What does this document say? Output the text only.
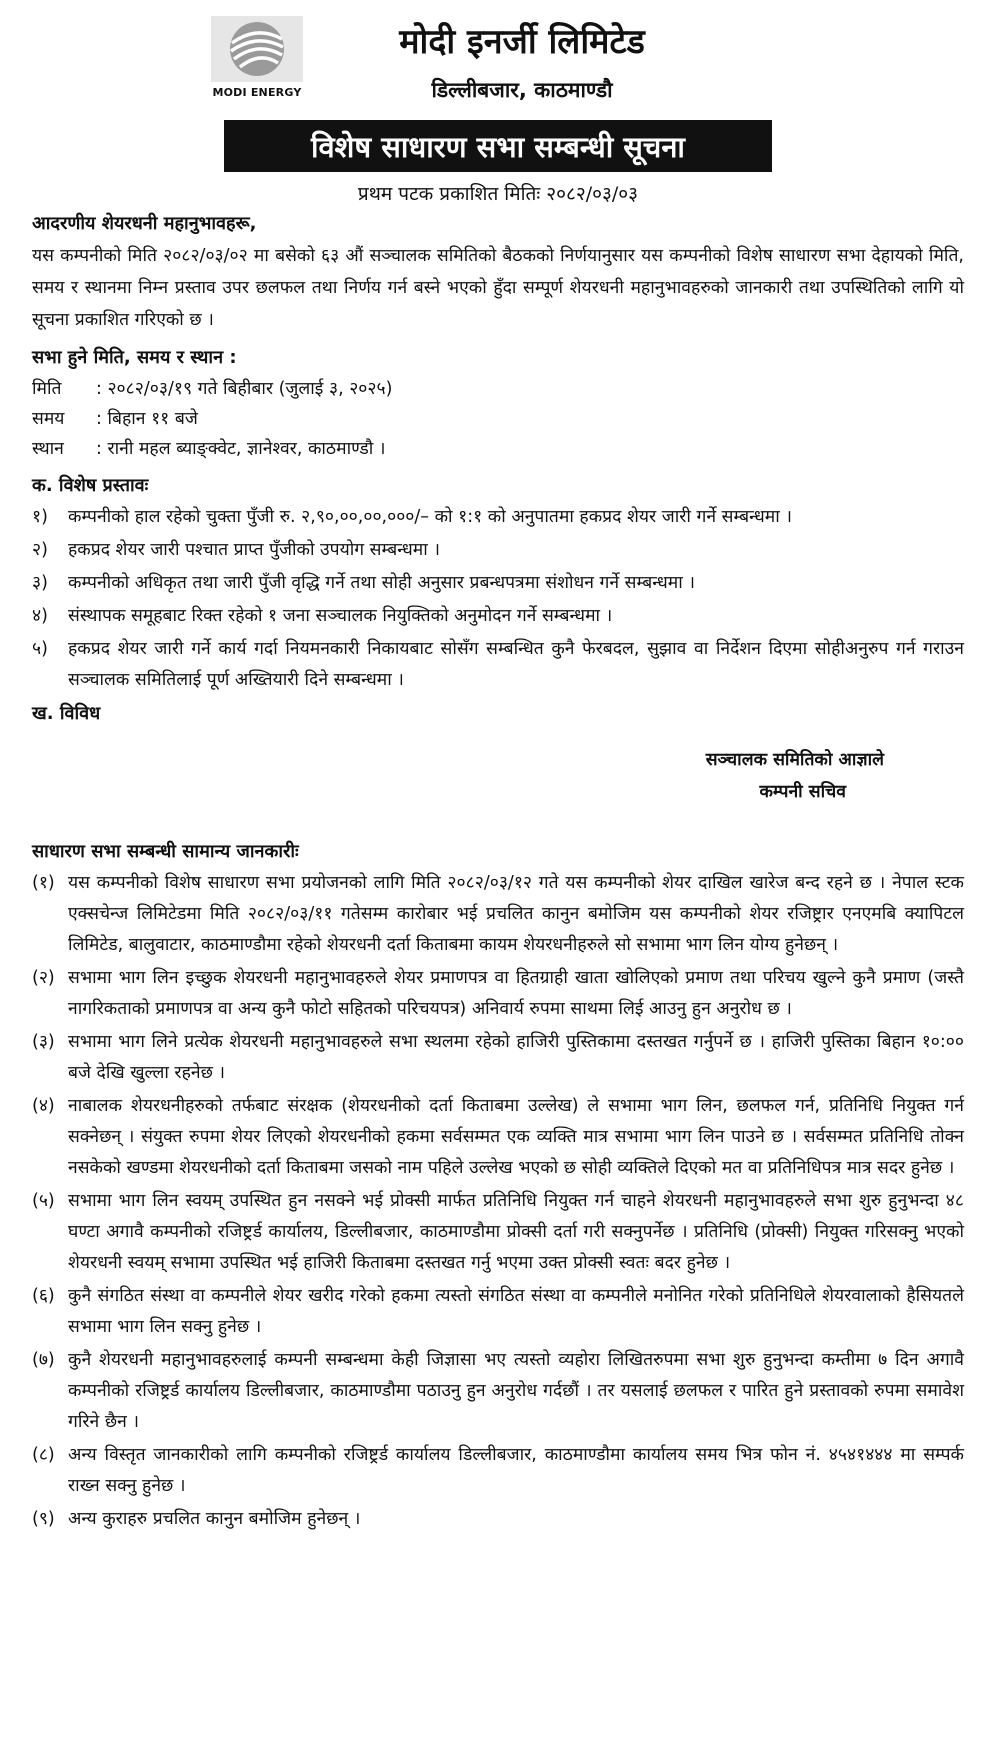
MODI ENERGY
मोदी इनर्जी लिमिटेड
डिल्लीबजार, काठमाण्डौ
विशेष साधारण सभा सम्बन्धी सूचना
प्रथम पटक प्रकाशित मितिः २०८२/०३/०३
आदरणीय शेयरधनी महानुभावहरू,
यस कम्पनीको मिति २०८२/०३/०२ मा बसेको ६३ औं सञ्चालक समितिको बैठकको निर्णयानुसार यस कम्पनीको विशेष साधारण सभा देहायको मिति, समय र स्थानमा निम्न प्रस्ताव उपर छलफल तथा निर्णय गर्न बस्ने भएको हुँदा सम्पूर्ण शेयरधनी महानुभावहरुको जानकारी तथा उपस्थितिको लागि यो सूचना प्रकाशित गरिएको छ ।
सभा हुने मिति, समय र स्थान :
मिति	: २०८२/०३/१९ गते बिहीबार (जुलाई ३, २०२५)
समय	: बिहान ११ बजे
स्थान	: रानी महल ब्याङ्क्वेट, ज्ञानेश्वर, काठमाण्डौ ।
क. विशेष प्रस्तावः
१)	कम्पनीको हाल रहेको चुक्ता पुँजी रु. २,९०,००,००,०००/– को १:१ को अनुपातमा हकप्रद शेयर जारी गर्ने सम्बन्धमा ।
२)	हकप्रद शेयर जारी पश्चात प्राप्त पुँजीको उपयोग सम्बन्धमा ।
३)	कम्पनीको अधिकृत तथा जारी पुँजी वृद्धि गर्ने तथा सोही अनुसार प्रबन्धपत्रमा संशोधन गर्ने सम्बन्धमा ।
४)	संस्थापक समूहबाट रिक्त रहेको १ जना सञ्चालक नियुक्तिको अनुमोदन गर्ने सम्बन्धमा ।
५)	हकप्रद शेयर जारी गर्ने कार्य गर्दा नियमनकारी निकायबाट सोसँग सम्बन्धित कुनै फेरबदल, सुझाव वा निर्देशन दिएमा सोहीअनुरुप गर्न गराउन सञ्चालक समितिलाई पूर्ण अख्तियारी दिने सम्बन्धमा ।
ख. विविध
सञ्चालक समितिको आज्ञाले
कम्पनी सचिव
साधारण सभा सम्बन्धी सामान्य जानकारीः
(१) यस कम्पनीको विशेष साधारण सभा प्रयोजनको लागि मिति २०८२/०३/१२ गते यस कम्पनीको शेयर दाखिल खारेज बन्द रहने छ । नेपाल स्टक एक्सचेन्ज लिमिटेडमा मिति २०८२/०३/११ गतेसम्म कारोबार भई प्रचलित कानुन बमोजिम यस कम्पनीको शेयर रजिष्ट्रार एनएमबि क्यापिटल लिमिटेड, बालुवाटार, काठमाण्डौमा रहेको शेयरधनी दर्ता किताबमा कायम शेयरधनीहरुले सो सभामा भाग लिन योग्य हुनेछन् ।
(२) सभामा भाग लिन इच्छुक शेयरधनी महानुभावहरुले शेयर प्रमाणपत्र वा हितग्राही खाता खोलिएको प्रमाण तथा परिचय खुल्ने कुनै प्रमाण (जस्तै नागरिकताको प्रमाणपत्र वा अन्य कुनै फोटो सहितको परिचयपत्र) अनिवार्य रुपमा साथमा लिई आउनु हुन अनुरोध छ ।
(३) सभामा भाग लिने प्रत्येक शेयरधनी महानुभावहरुले सभा स्थलमा रहेको हाजिरी पुस्तिकामा दस्तखत गर्नुपर्ने छ । हाजिरी पुस्तिका बिहान १०:०० बजे देखि खुल्ला रहनेछ ।
(४) नाबालक शेयरधनीहरुको तर्फबाट संरक्षक (शेयरधनीको दर्ता किताबमा उल्लेख) ले सभामा भाग लिन, छलफल गर्न, प्रतिनिधि नियुक्त गर्न सक्नेछन् । संयुक्त रुपमा शेयर लिएको शेयरधनीको हकमा सर्वसम्मत एक व्यक्ति मात्र सभामा भाग लिन पाउने छ । सर्वसम्मत प्रतिनिधि तोक्न नसकेको खण्डमा शेयरधनीको दर्ता किताबमा जसको नाम पहिले उल्लेख भएको छ सोही व्यक्तिले दिएको मत वा प्रतिनिधिपत्र मात्र सदर हुनेछ ।
(५) सभामा भाग लिन स्वयम् उपस्थित हुन नसक्ने भई प्रोक्सी मार्फत प्रतिनिधि नियुक्त गर्न चाहने शेयरधनी महानुभावहरुले सभा शुरु हुनुभन्दा ४८ घण्टा अगावै कम्पनीको रजिष्ट्रर्ड कार्यालय, डिल्लीबजार, काठमाण्डौमा प्रोक्सी दर्ता गरी सक्नुपर्नेछ । प्रतिनिधि (प्रोक्सी) नियुक्त गरिसक्नु भएको शेयरधनी स्वयम् सभामा उपस्थित भई हाजिरी किताबमा दस्तखत गर्नु भएमा उक्त प्रोक्सी स्वतः बदर हुनेछ ।
(६) कुनै संगठित संस्था वा कम्पनीले शेयर खरीद गरेको हकमा त्यस्तो संगठित संस्था वा कम्पनीले मनोनित गरेको प्रतिनिधिले शेयरवालाको हैसियतले सभामा भाग लिन सक्नु हुनेछ ।
(७) कुनै शेयरधनी महानुभावहरुलाई कम्पनी सम्बन्धमा केही जिज्ञासा भए त्यस्तो व्यहोरा लिखितरुपमा सभा शुरु हुनुभन्दा कम्तीमा ७ दिन अगावै कम्पनीको रजिष्ट्रर्ड कार्यालय डिल्लीबजार, काठमाण्डौमा पठाउनु हुन अनुरोध गर्दछौं । तर यसलाई छलफल र पारित हुने प्रस्तावको रुपमा समावेश गरिने छैन ।
(८) अन्य विस्तृत जानकारीको लागि कम्पनीको रजिष्ट्रर्ड कार्यालय डिल्लीबजार, काठमाण्डौमा कार्यालय समय भित्र फोन नं. ४५४१४४४ मा सम्पर्क राख्न सक्नु हुनेछ ।
(९) अन्य कुराहरु प्रचलित कानुन बमोजिम हुनेछन् ।
